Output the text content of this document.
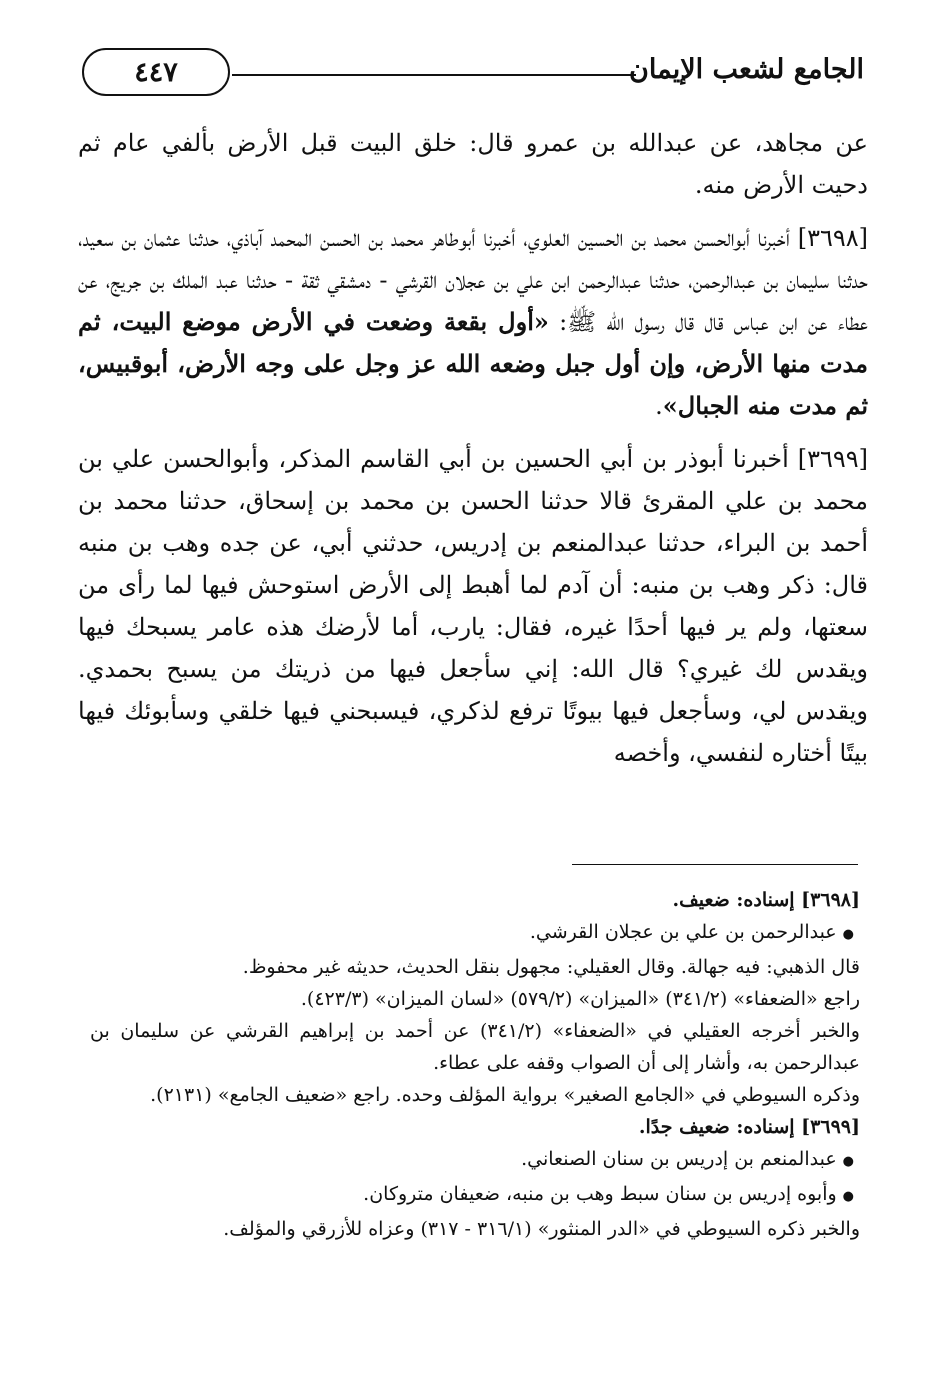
الجامع لشعب الإيمان
٤٤٧

عن مجاهد، عن عبدالله بن عمرو قال: خلق البيت قبل الأرض بألفي عام ثم دحيت الأرض منه.

[٣٦٩٨] أخبرنا أبوالحسن محمد بن الحسين العلوي، أخبرنا أبوطاهر محمد بن الحسن المحمد آباذي، حدثنا عثمان بن سعيد، حدثنا سليمان بن عبدالرحمن، حدثنا عبدالرحمن ابن علي بن عجلان القرشي - دمشقي ثقة - حدثنا عبد الملك بن جريج، عن عطاء عن ابن عباس قال قال رسول الله ﷺ: «أول بقعة وضعت في الأرض موضع البيت، ثم مدت منها الأرض، وإن أول جبل وضعه الله عز وجل على وجه الأرض، أبوقبيس، ثم مدت منه الجبال».

[٣٦٩٩] أخبرنا أبوذر بن أبي الحسين بن أبي القاسم المذكر، وأبوالحسن علي بن محمد بن علي المقرئ قالا حدثنا الحسن بن محمد بن إسحاق، حدثنا محمد بن أحمد بن البراء، حدثنا عبدالمنعم بن إدريس، حدثني أبي، عن جده وهب بن منبه قال: ذكر وهب بن منبه: أن آدم لما أهبط إلى الأرض استوحش فيها لما رأى من سعتها، ولم ير فيها أحدًا غيره، فقال: يارب، أما لأرضك هذه عامر يسبحك فيها ويقدس لك غيري؟ قال الله: إني سأجعل فيها من ذريتك من يسبح بحمدي. ويقدس لي، وسأجعل فيها بيوتًا ترفع لذكري، فيسبحني فيها خلقي وسأبوئك فيها بيتًا أختاره لنفسي، وأخصه

[٣٦٩٨] إسناده: ضعيف.

● عبدالرحمن بن علي بن عجلان القرشي.

قال الذهبي: فيه جهالة. وقال العقيلي: مجهول بنقل الحديث، حديثه غير محفوظ.

راجع «الضعفاء» (٣٤١/٢) «الميزان» (٥٧٩/٢) «لسان الميزان» (٤٢٣/٣).

والخبر أخرجه العقيلي في «الضعفاء» (٣٤١/٢) عن أحمد بن إبراهيم القرشي عن سليمان بن عبدالرحمن به، وأشار إلى أن الصواب وقفه على عطاء.

وذكره السيوطي في «الجامع الصغير» برواية المؤلف وحده. راجع «ضعيف الجامع» (٢١٣١).

[٣٦٩٩] إسناده: ضعيف جدًا.

● عبدالمنعم بن إدريس بن سنان الصنعاني.

● وأبوه إدريس بن سنان سبط وهب بن منبه، ضعيفان متروكان.

والخبر ذكره السيوطي في «الدر المنثور» (٣١٦/١ - ٣١٧) وعزاه للأزرقي والمؤلف.
